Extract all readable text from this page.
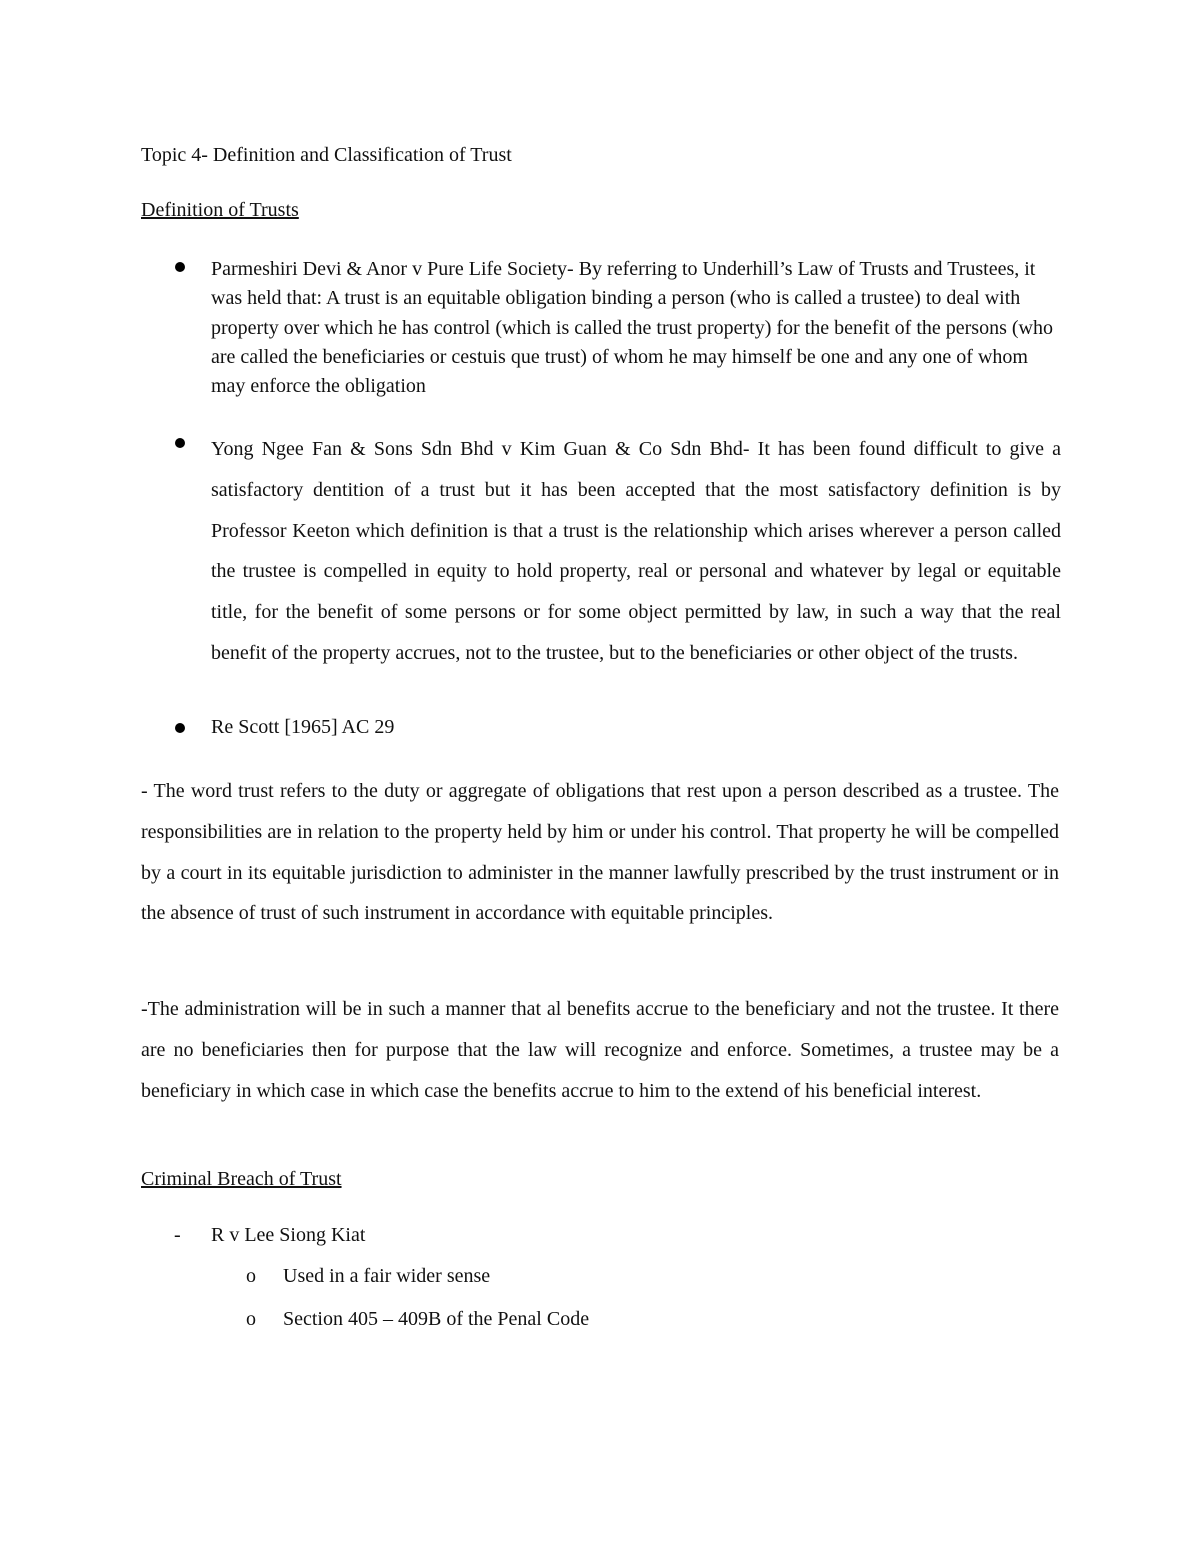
Topic 4- Definition and Classification of Trust

Definition of Trusts

Parmeshiri Devi & Anor v Pure Life Society- By referring to Underhill’s Law of Trusts and Trustees, it was held that: A trust is an equitable obligation binding a person (who is called a trustee) to deal with property over which he has control (which is called the trust property) for the benefit of the persons (who are called the beneficiaries or cestuis que trust) of whom he may himself be one and any one of whom may enforce the obligation

Yong Ngee Fan & Sons Sdn Bhd v Kim Guan & Co Sdn Bhd- It has been found difficult to give a satisfactory dentition of a trust but it has been accepted that the most satisfactory definition is by Professor Keeton which definition is that a trust is the relationship which arises wherever a person called the trustee is compelled in equity to hold property, real or personal and whatever by legal or equitable title, for the benefit of some persons or for some object permitted by law, in such a way that the real benefit of the property accrues, not to the trustee, but to the beneficiaries or other object of the trusts.

Re Scott [1965] AC 29

- The word trust refers to the duty or aggregate of obligations that rest upon a person described as a trustee. The responsibilities are in relation to the property held by him or under his control. That property he will be compelled by a court in its equitable jurisdiction to administer in the manner lawfully prescribed by the trust instrument or in the absence of trust of such instrument in accordance with equitable principles.

-The administration will be in such a manner that al benefits accrue to the beneficiary and not the trustee. It there are no beneficiaries then for purpose that the law will recognize and enforce. Sometimes, a trustee may be a beneficiary in which case in which case the benefits accrue to him to the extend of his beneficial interest.

Criminal Breach of Trust

- R v Lee Siong Kiat
o Used in a fair wider sense
o Section 405 – 409B of the Penal Code
